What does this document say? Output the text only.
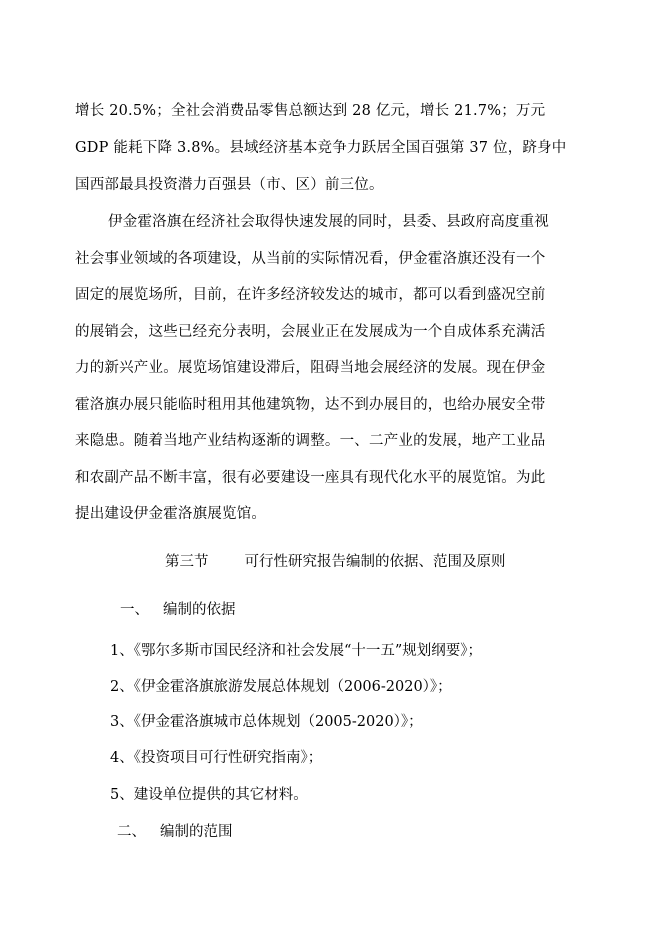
增长 20.5%；全社会消费品零售总额达到 28 亿元，增长 21.7%；万元
GDP 能耗下降 3.8%。县域经济基本竞争力跃居全国百强第 37 位，跻身中
国西部最具投资潜力百强县（市、区）前三位。
伊金霍洛旗在经济社会取得快速发展的同时，县委、县政府高度重视
社会事业领域的各项建设，从当前的实际情况看，伊金霍洛旗还没有一个
固定的展览场所，目前，在许多经济较发达的城市，都可以看到盛况空前
的展销会，这些已经充分表明，会展业正在发展成为一个自成体系充满活
力的新兴产业。展览场馆建设滞后，阻碍当地会展经济的发展。现在伊金
霍洛旗办展只能临时租用其他建筑物，达不到办展目的，也给办展安全带
来隐患。随着当地产业结构逐渐的调整。一、二产业的发展，地产工业品
和农副产品不断丰富，很有必要建设一座具有现代化水平的展览馆。为此
提出建设伊金霍洛旗展览馆。
第三节 可行性研究报告编制的依据、范围及原则
一、 编制的依据
1、《鄂尔多斯市国民经济和社会发展“十一五”规划纲要》；
2、《伊金霍洛旗旅游发展总体规划（2006-2020）》；
3、《伊金霍洛旗城市总体规划（2005-2020）》；
4、《投资项目可行性研究指南》；
5、建设单位提供的其它材料。
二、 编制的范围
